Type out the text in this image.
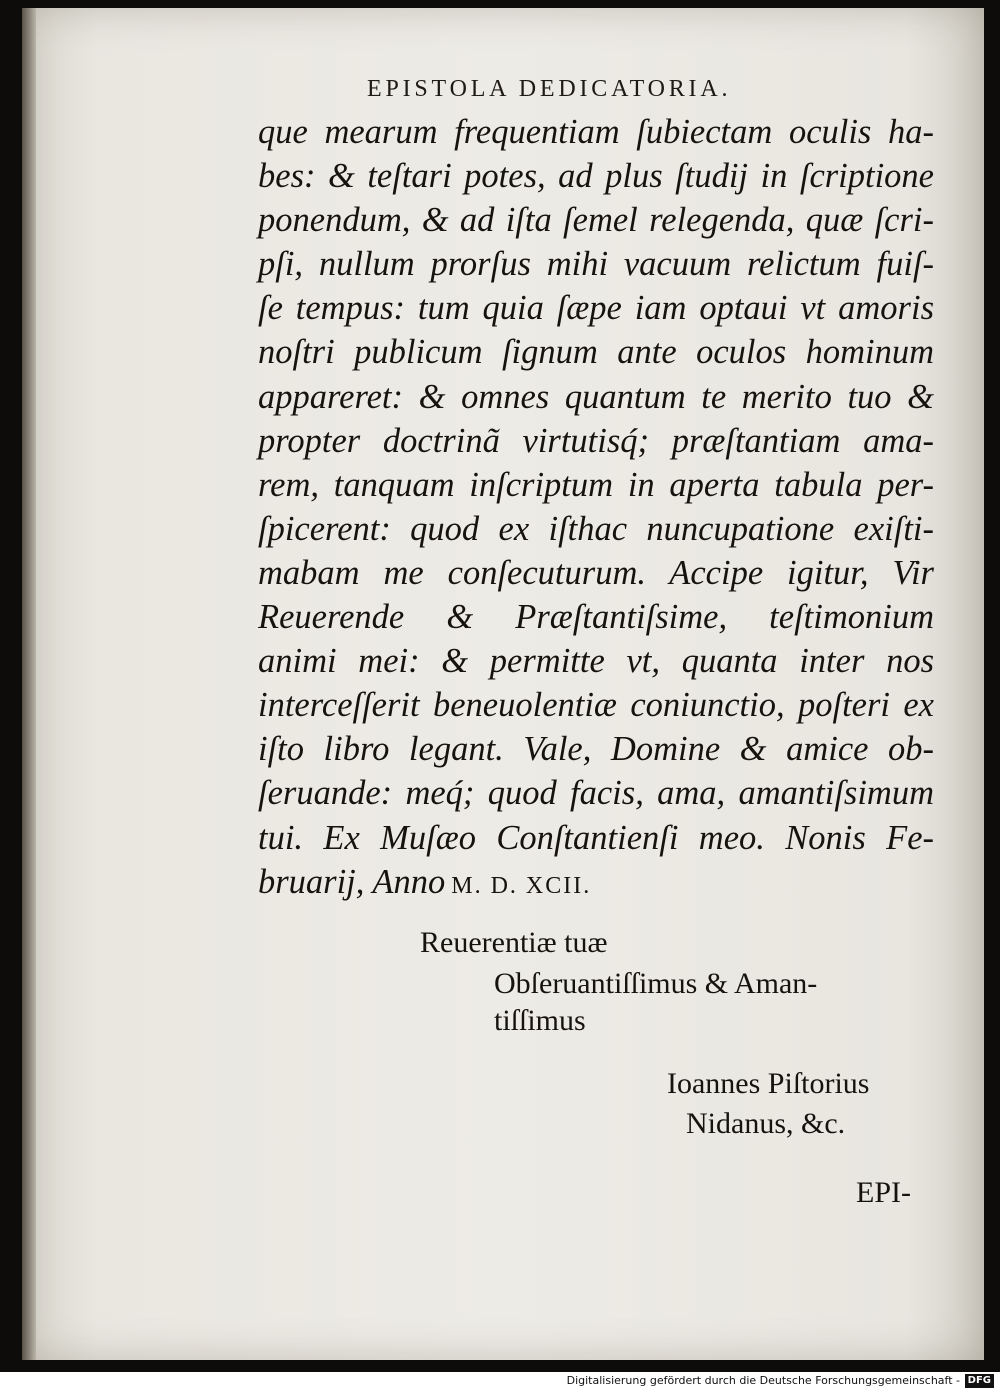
EPISTOLA DEDICATORIA.
que mearum frequentiam ſubiectam oculis ha-
bes: & teſtari potes, ad plus ſtudij in ſcriptione
ponendum, & ad iſta ſemel relegenda, quæ ſcri-
pſi, nullum prorſus mihi vacuum relictum fuiſ-
ſe tempus: tum quia ſæpe iam optaui vt amoris
noſtri publicum ſignum ante oculos hominum
appareret: & omnes quantum te merito tuo &
propter doctrinã virtutisq́; præſtantiam ama-
rem, tanquam inſcriptum in aperta tabula per-
ſpicerent: quod ex iſthac nuncupatione exiſti-
mabam me conſecuturum. Accipe igitur, Vir
Reuerende & Præſtantiſsime, teſtimonium
animi mei: & permitte vt, quanta inter nos
interceſſerit beneuolentiæ coniunctio, poſteri ex
iſto libro legant. Vale, Domine & amice ob-
ſeruande: meq́; quod facis, ama, amantiſsimum
tui. Ex Muſæo Conſtantienſi meo. Nonis Fe-
bruarij, Anno M. D. XCII.
Reuerentiæ tuæ
Obſeruantiſſimus & Aman-
tiſſimus
Ioannes Piſtorius
Nidanus, &c.
EPI-
Digitalisierung gefördert durch die Deutsche Forschungsgemeinschaft - DFG
